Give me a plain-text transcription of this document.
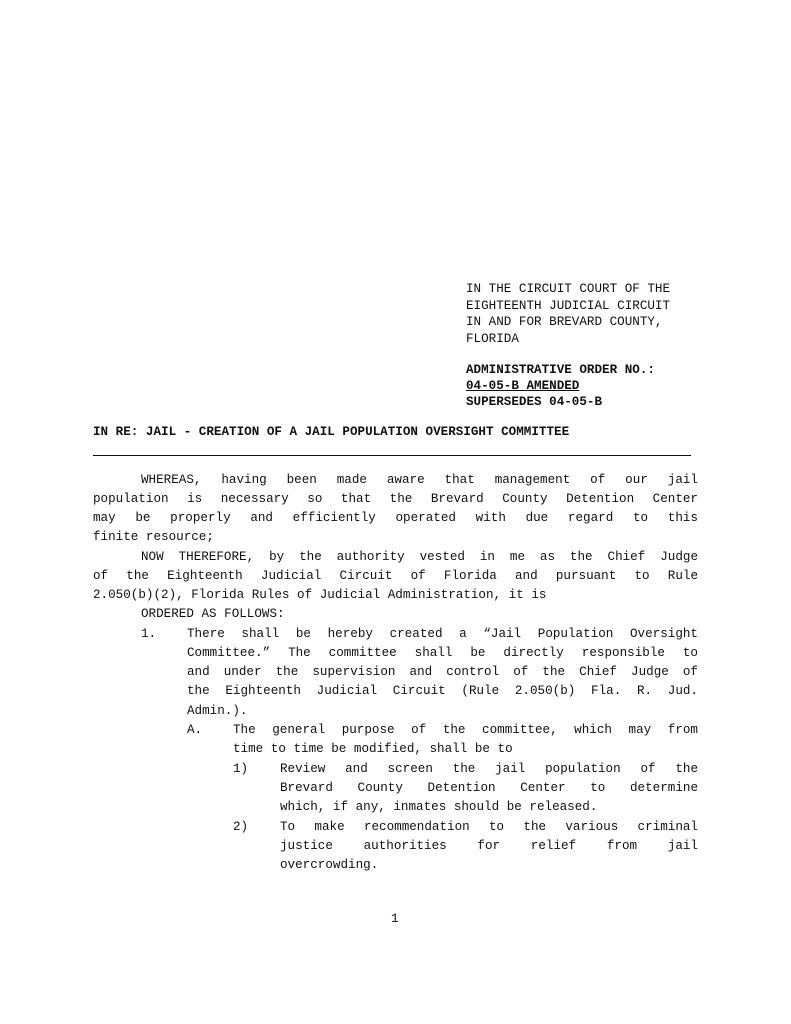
IN THE CIRCUIT COURT OF THE
EIGHTEENTH JUDICIAL CIRCUIT
IN AND FOR BREVARD COUNTY,
FLORIDA
ADMINISTRATIVE ORDER NO.:
04-05-B AMENDED
SUPERSEDES 04-05-B
IN RE: JAIL - CREATION OF A JAIL POPULATION OVERSIGHT COMMITTEE
WHEREAS, having been made aware that management of our jail
population is necessary so that the Brevard County Detention Center
may be properly and efficiently operated with due regard to this
finite resource;
NOW THEREFORE, by the authority vested in me as the Chief Judge
of the Eighteenth Judicial Circuit of Florida and pursuant to Rule
2.050(b)(2), Florida Rules of Judicial Administration, it is
ORDERED AS FOLLOWS:
1. There shall be hereby created a “Jail Population Oversight
Committee.” The committee shall be directly responsible to
and under the supervision and control of the Chief Judge of
the Eighteenth Judicial Circuit (Rule 2.050(b) Fla. R. Jud.
Admin.).
A. The general purpose of the committee, which may from
time to time be modified, shall be to
1)	Review and screen the jail population of the
Brevard County Detention Center to determine
which, if any, inmates should be released.
2)	To make recommendation to the various criminal
justice authorities for relief from jail
overcrowding.
1
